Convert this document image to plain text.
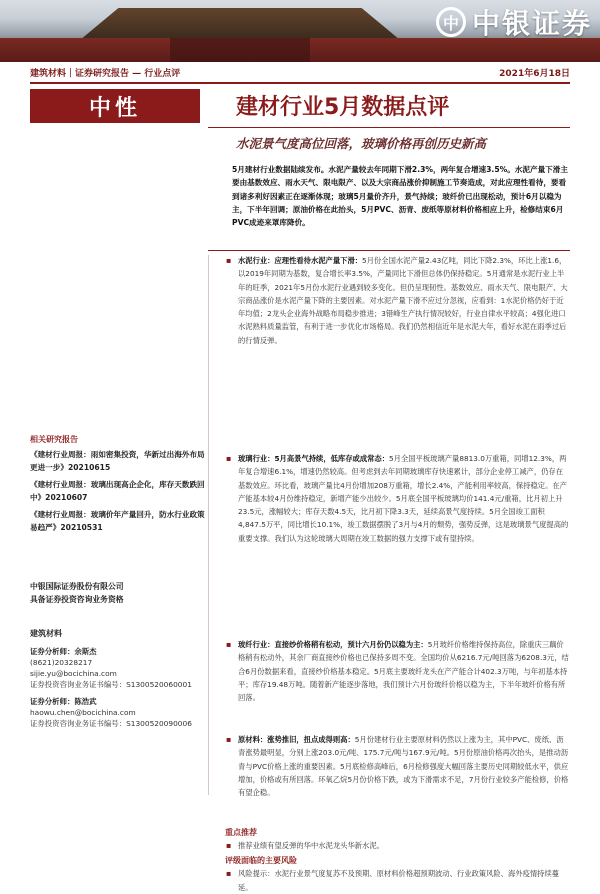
中 中银证券
建筑材料｜证券研究报告 — 行业点评	2021年6月18日
中性	建材行业5月数据点评
水泥景气度高位回落，玻璃价格再创历史新高
5月建材行业数据陆续发布。水泥产量较去年同期下滑2.3%，两年复合增速3.5%。水泥产量下滑主要由基数效应、雨水天气、限电限产、以及大宗商品涨价抑制施工节奏造成，对此应理性看待，要看到诸多利好因素正在逐渐体现；玻璃5月量价齐升，景气持续；玻纤价已出现松动，预计6月以稳为主，下半年回调；原油价格在此抬头，5月PVC、沥青、废纸等原材料价格相应上升，检修结束6月PVC成迹来罩库降价。
▪ 水泥行业：应理性看待水泥产量下滑：5月份全国水泥产量2.43亿吨，同比下降2.3%，环比上涨1.6，以2019年同期为基数，复合增长率3.5%，产量同比下滑但总体仍保持稳定。5月通常是水泥行业上半年的旺季，2021年5月份水泥行业遇到较多变化。但仍呈现韧性。基数效应、雨水天气、限电限产、大宗商品涨价是水泥产量下降的主要因素。对水泥产量下滑不应过分忽视，应看到：1水泥价格仍好于近年均值；2龙头企业海外战略布局稳步推进；3错峰生产执行情况较好，行业自律水平较高；4强化进口水泥熟料质量监管，有利于进一步优化市场格局。我们仍然相信近年是水泥大年，看好水泥在雨季过后的行情反弹。
▪ 玻璃行业：5月高景气持续，低库存或成常态：5月全国平板玻璃产量8813.0万重箱，同增12.3%，两年复合增速6.1%，增速仍然较高。但考虑到去年同期玻璃库存快速累计，部分企业停工减产，仍存在基数效应。环比看，玻璃产量比4月份增加208万重箱，增长2.4%，产能利用率较高，保持稳定。在产产能基本较4月份维持稳定，新增产能少出较少。5月底全国平板玻璃均价141.4元/重箱，比月初上升23.5元，涨幅较大；库存天数4.5天，比月初下降3.3天，延续高景气度持续。5月全国竣工面积4,847.5万平，同比增长10.1%，竣工数据摆脱了3月与4月的颓势，强势反弹，这是玻璃景气度提高的重要支撑。我们认为这轮玻璃大周期在竣工数据的强力支撑下或有望持续。
▪ 玻纤行业：直接纱价格稍有松动，预计六月份仍以稳为主：5月玻纤价格维持保持高位，除重庆三藕价格稍有松动外，其余厂商直接纱价格也已保持多周不变。全国均价从6216.7元/吨回落为6208.3元，结合6月份数据来看，直接纱价格基本稳定。5月底主要玻纤龙头在产产能合计402.3万吨，与年初基本持平；库存19.48万吨。随着新产能逐步落地，我们预计六月份玻纤价格以稳为主，下半年玻纤价格有所回落。
▪ 原材料：涨势推旧，扭点成得则高：5月份建材行业主要原材料仍然以上涨为主，其中PVC、废纸、沥青涨势最明显，分别上涨203.0元/吨、175.7元/吨与167.9元/吨。5月份原油价格再次抬头，是推动沥青与PVC价格上涨的重要因素。5月底检修高峰后，6月检修强度大幅回落主要历史同期较低水平，供应增加，价格或有所回落。环氧乙烷5月份价格下跌，或为下滑需求不足，7月份行业较多产能检修，价格有望企稳。
重点推荐
▪ 推荐业绩有望反弹的华中水泥龙头华新水泥。
评级面临的主要风险
▪ 风险提示：水泥行业景气度复苏不及预期、原材料价格超预期波动、行业政策风险、海外疫情持续蔓延。
相关研究报告
《建材行业周报：雨如密集投资，华新过出海外布局更进一步》20210615
《建材行业周报：玻璃出现高企企化，库存天数跌回中》20210607
《建材行业周报：玻璃价年产量回升，防水行业政策易趋严》20210531
中银国际证券股份有限公司
具备证券投资咨询业务资格
建筑材料
证券分析师：余斯杰
(8621)20328217
sijie.yu@bocichina.com
证券投资咨询业务证书编号：S1300520060001
证券分析师：陈浩武
haowu.chen@bocichina.com
证券投资咨询业务证书编号：S1300520090006
